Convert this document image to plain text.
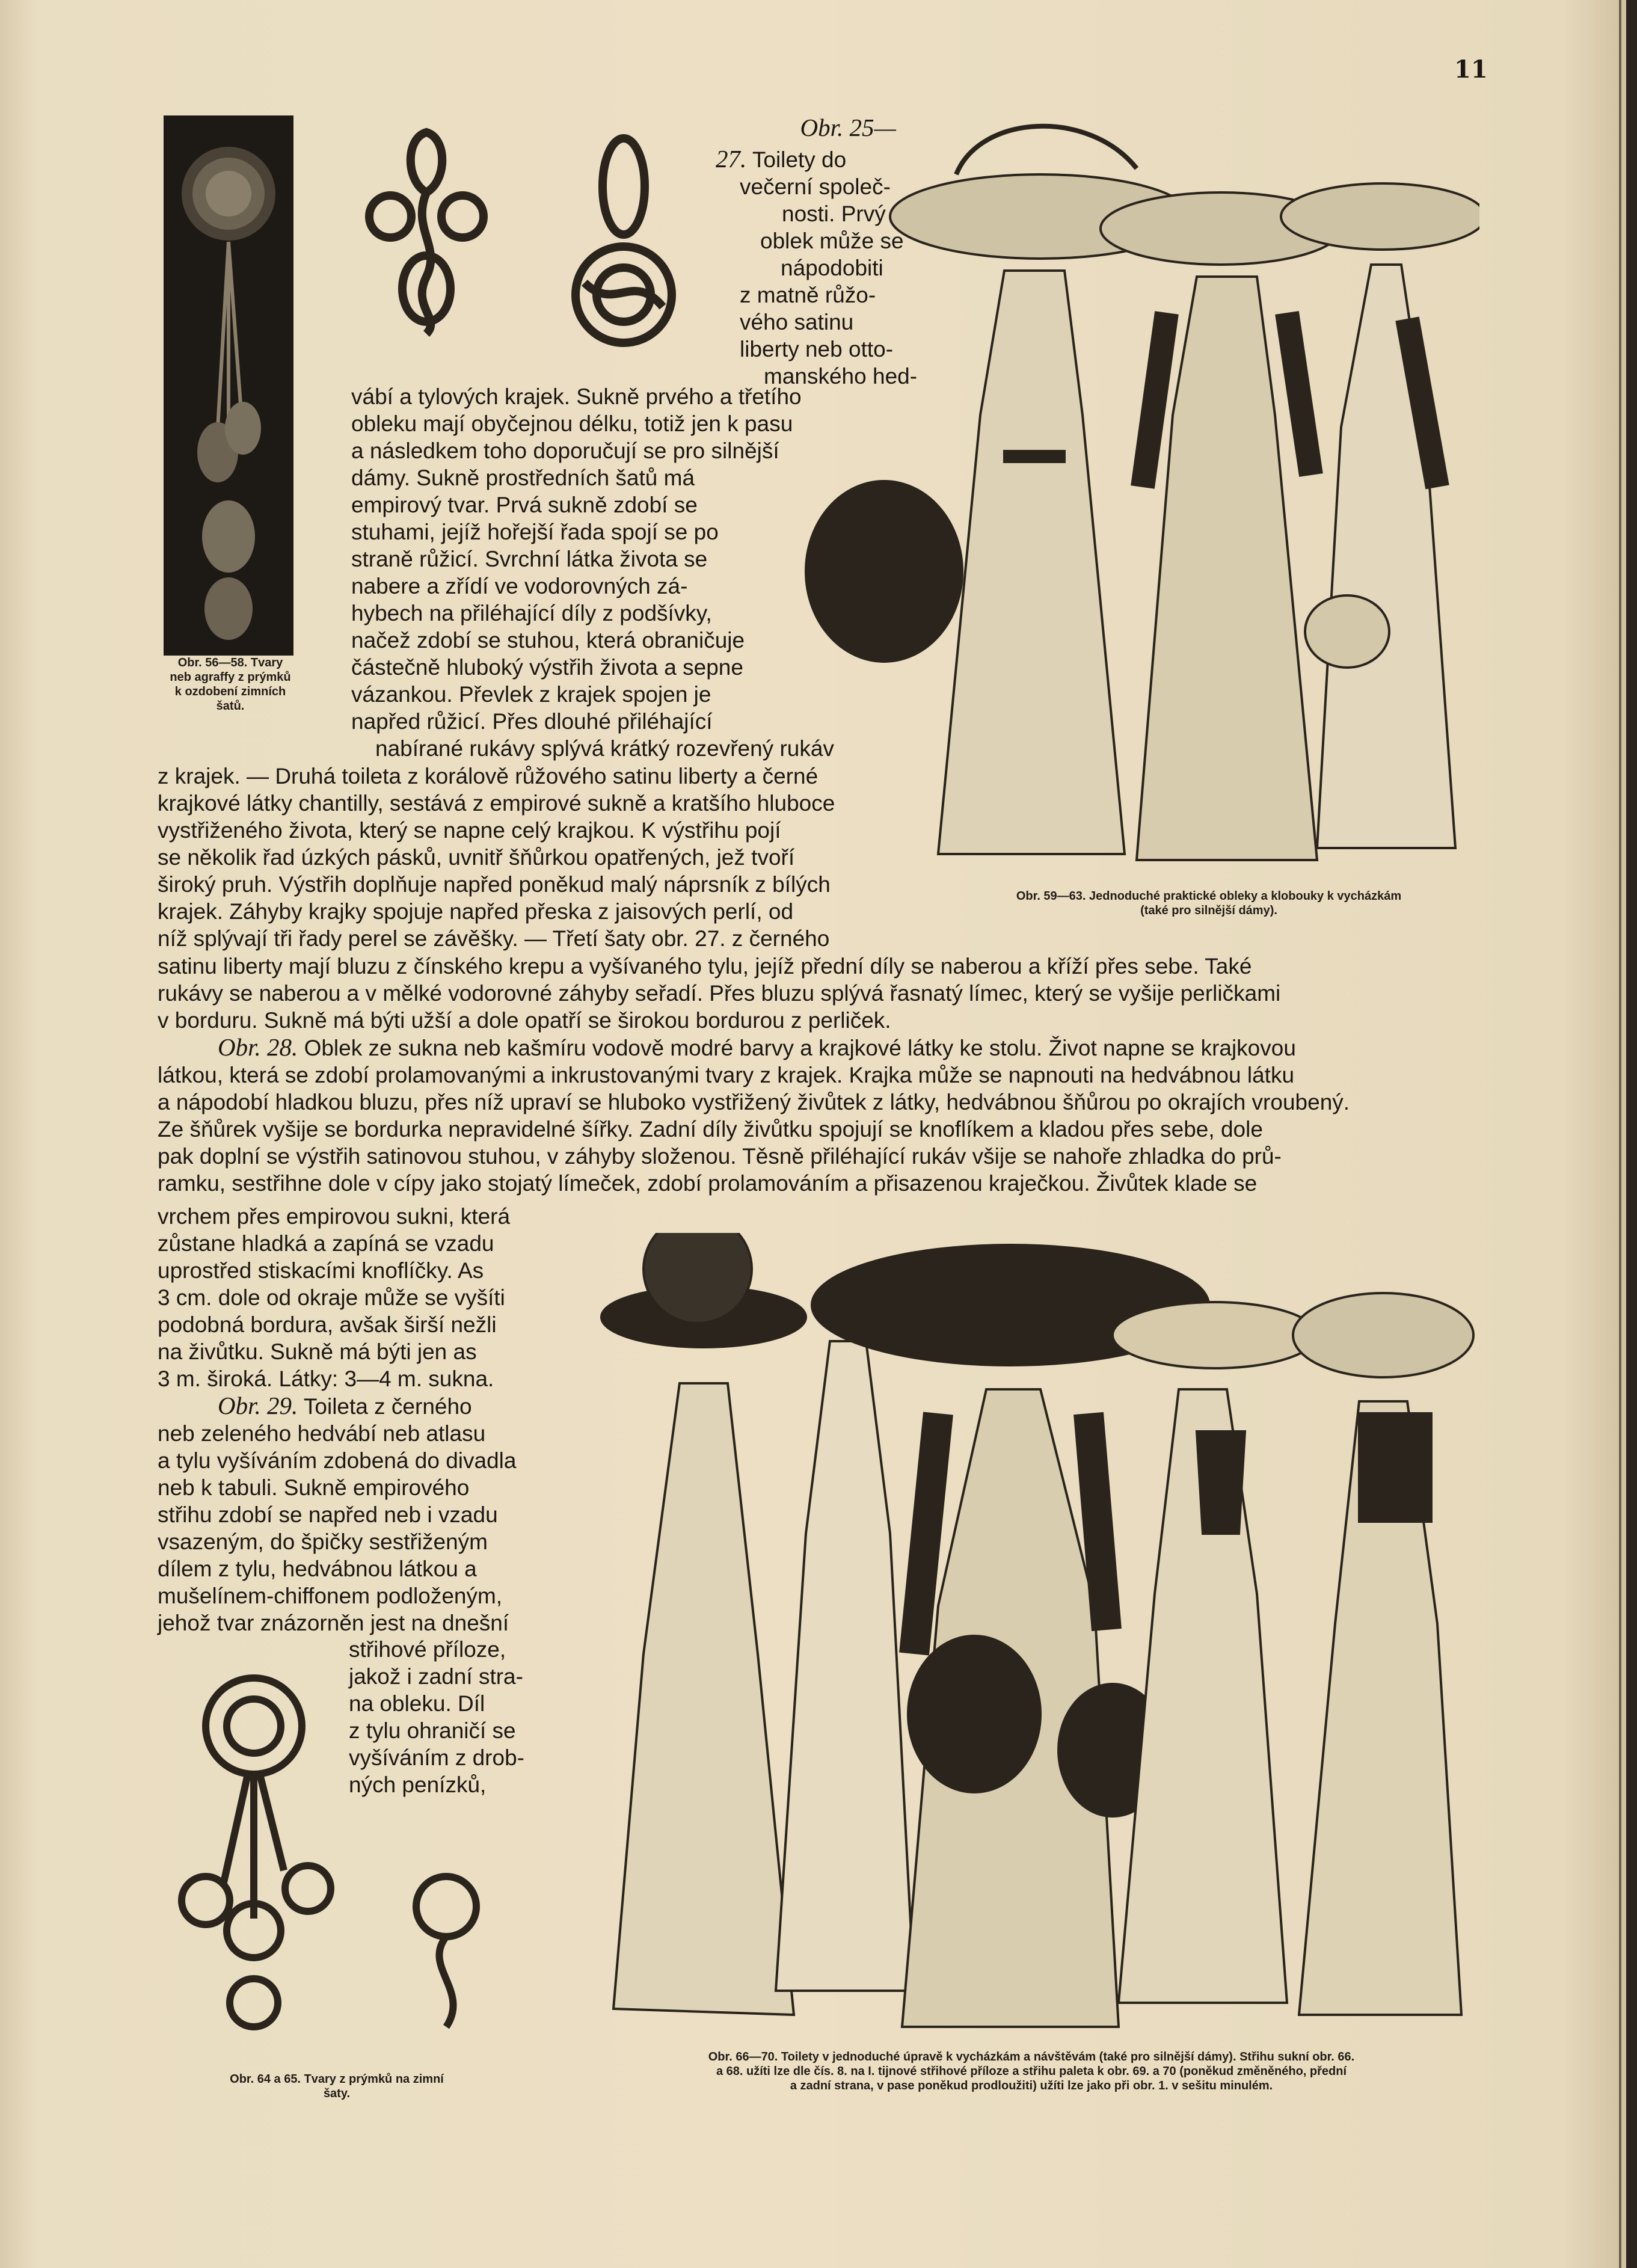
11
Obr. 56—58. Tvary
neb agraffy z prýmků
k ozdobení zimních
šatů.
Obr. 59—63. Jednoduché praktické obleky a klobouky k vycházkám
(také pro silnější dámy).

Obr. 25—

27. Toilety do

večerní společ-

nosti. Prvý

oblek může se

nápodobiti

z matně růžo-

vého satinu

liberty neb otto-

manského hed-

vábí a tylových krajek. Sukně prvého a třetího

obleku mají obyčejnou délku, totiž jen k pasu

a následkem toho doporučují se pro silnější

dámy. Sukně prostředních šatů má

empirový tvar. Prvá sukně zdobí se

stuhami, jejíž hořejší řada spojí se po

straně růžicí. Svrchní látka života se

nabere a zřídí ve vodorovných zá-

hybech na přiléhající díly z podšívky,

načež zdobí se stuhou, která obraničuje

částečně hluboký výstřih života a sepne

vázankou. Převlek z krajek spojen je

napřed růžicí. Přes dlouhé přiléhající

nabírané rukávy splývá krátký rozevřený rukáv

z krajek. — Druhá toileta z korálově růžového satinu liberty a černé

krajkové látky chantilly, sestává z empirové sukně a kratšího hluboce

vystřiženého života, který se napne celý krajkou. K výstřihu pojí

se několik řad úzkých pásků, uvnitř šňůrkou opatřených, jež tvoří

široký pruh. Výstřih doplňuje napřed poněkud malý náprsník z bílých

krajek. Záhyby krajky spojuje napřed přeska z jaisových perlí, od

níž splývají tři řady perel se závěšky. — Třetí šaty obr. 27. z černého

satinu liberty mají bluzu z čínského krepu a vyšívaného tylu, jejíž přední díly se naberou a kříží přes sebe. Také

rukávy se naberou a v mělké vodorovné záhyby seřadí. Přes bluzu splývá řasnatý límec, který se vyšije perličkami

v borduru. Sukně má býti užší a dole opatří se širokou bordurou z perliček.

Obr. 28. Oblek ze sukna neb kašmíru vodově modré barvy a krajkové látky ke stolu. Život napne se krajkovou

látkou, která se zdobí prolamovanými a inkrustovanými tvary z krajek. Krajka může se napnouti na hedvábnou látku

a nápodobí hladkou bluzu, přes níž upraví se hluboko vystřižený živůtek z látky, hedvábnou šňůrou po okrajích vroubený.

Ze šňůrek vyšije se bordurka nepravidelné šířky. Zadní díly živůtku spojují se knoflíkem a kladou přes sebe, dole

pak doplní se výstřih satinovou stuhou, v záhyby složenou. Těsně přiléhající rukáv všije se nahoře zhladka do prů-

ramku, sestřihne dole v cípy jako stojatý límeček, zdobí prolamováním a přisazenou kraječkou. Živůtek klade se

vrchem přes empirovou sukni, která

zůstane hladká a zapíná se vzadu

uprostřed stiskacími knoflíčky. As

3 cm. dole od okraje může se vyšíti

podobná bordura, avšak širší nežli

na živůtku. Sukně má býti jen as

3 m. široká. Látky: 3—4 m. sukna.

Obr. 29. Toileta z černého

neb zeleného hedvábí neb atlasu

a tylu vyšíváním zdobená do divadla

neb k tabuli. Sukně empirového

střihu zdobí se napřed neb i vzadu

vsazeným, do špičky sestřiženým

dílem z tylu, hedvábnou látkou a

mušelínem-chiffonem podloženým,

jehož tvar znázorněn jest na dnešní

střihové příloze,

jakož i zadní stra-

na obleku. Díl

z tylu ohraničí se

vyšíváním z drob-

ných penízků,

Obr. 64 a 65. Tvary z prýmků na zimní
šaty.
Obr. 66—70. Toilety v jednoduché úpravě k vycházkám a návštěvám (také pro silnější dámy). Střihu sukní obr. 66.
a 68. užíti lze dle čís. 8. na I. tiјnové střihové příloze a střihu paleta k obr. 69. a 70 (poněkud změněného, přední
a zadní strana, v pase poněkud prodloužiti) užíti lze jako při obr. 1. v sešitu minulém.
